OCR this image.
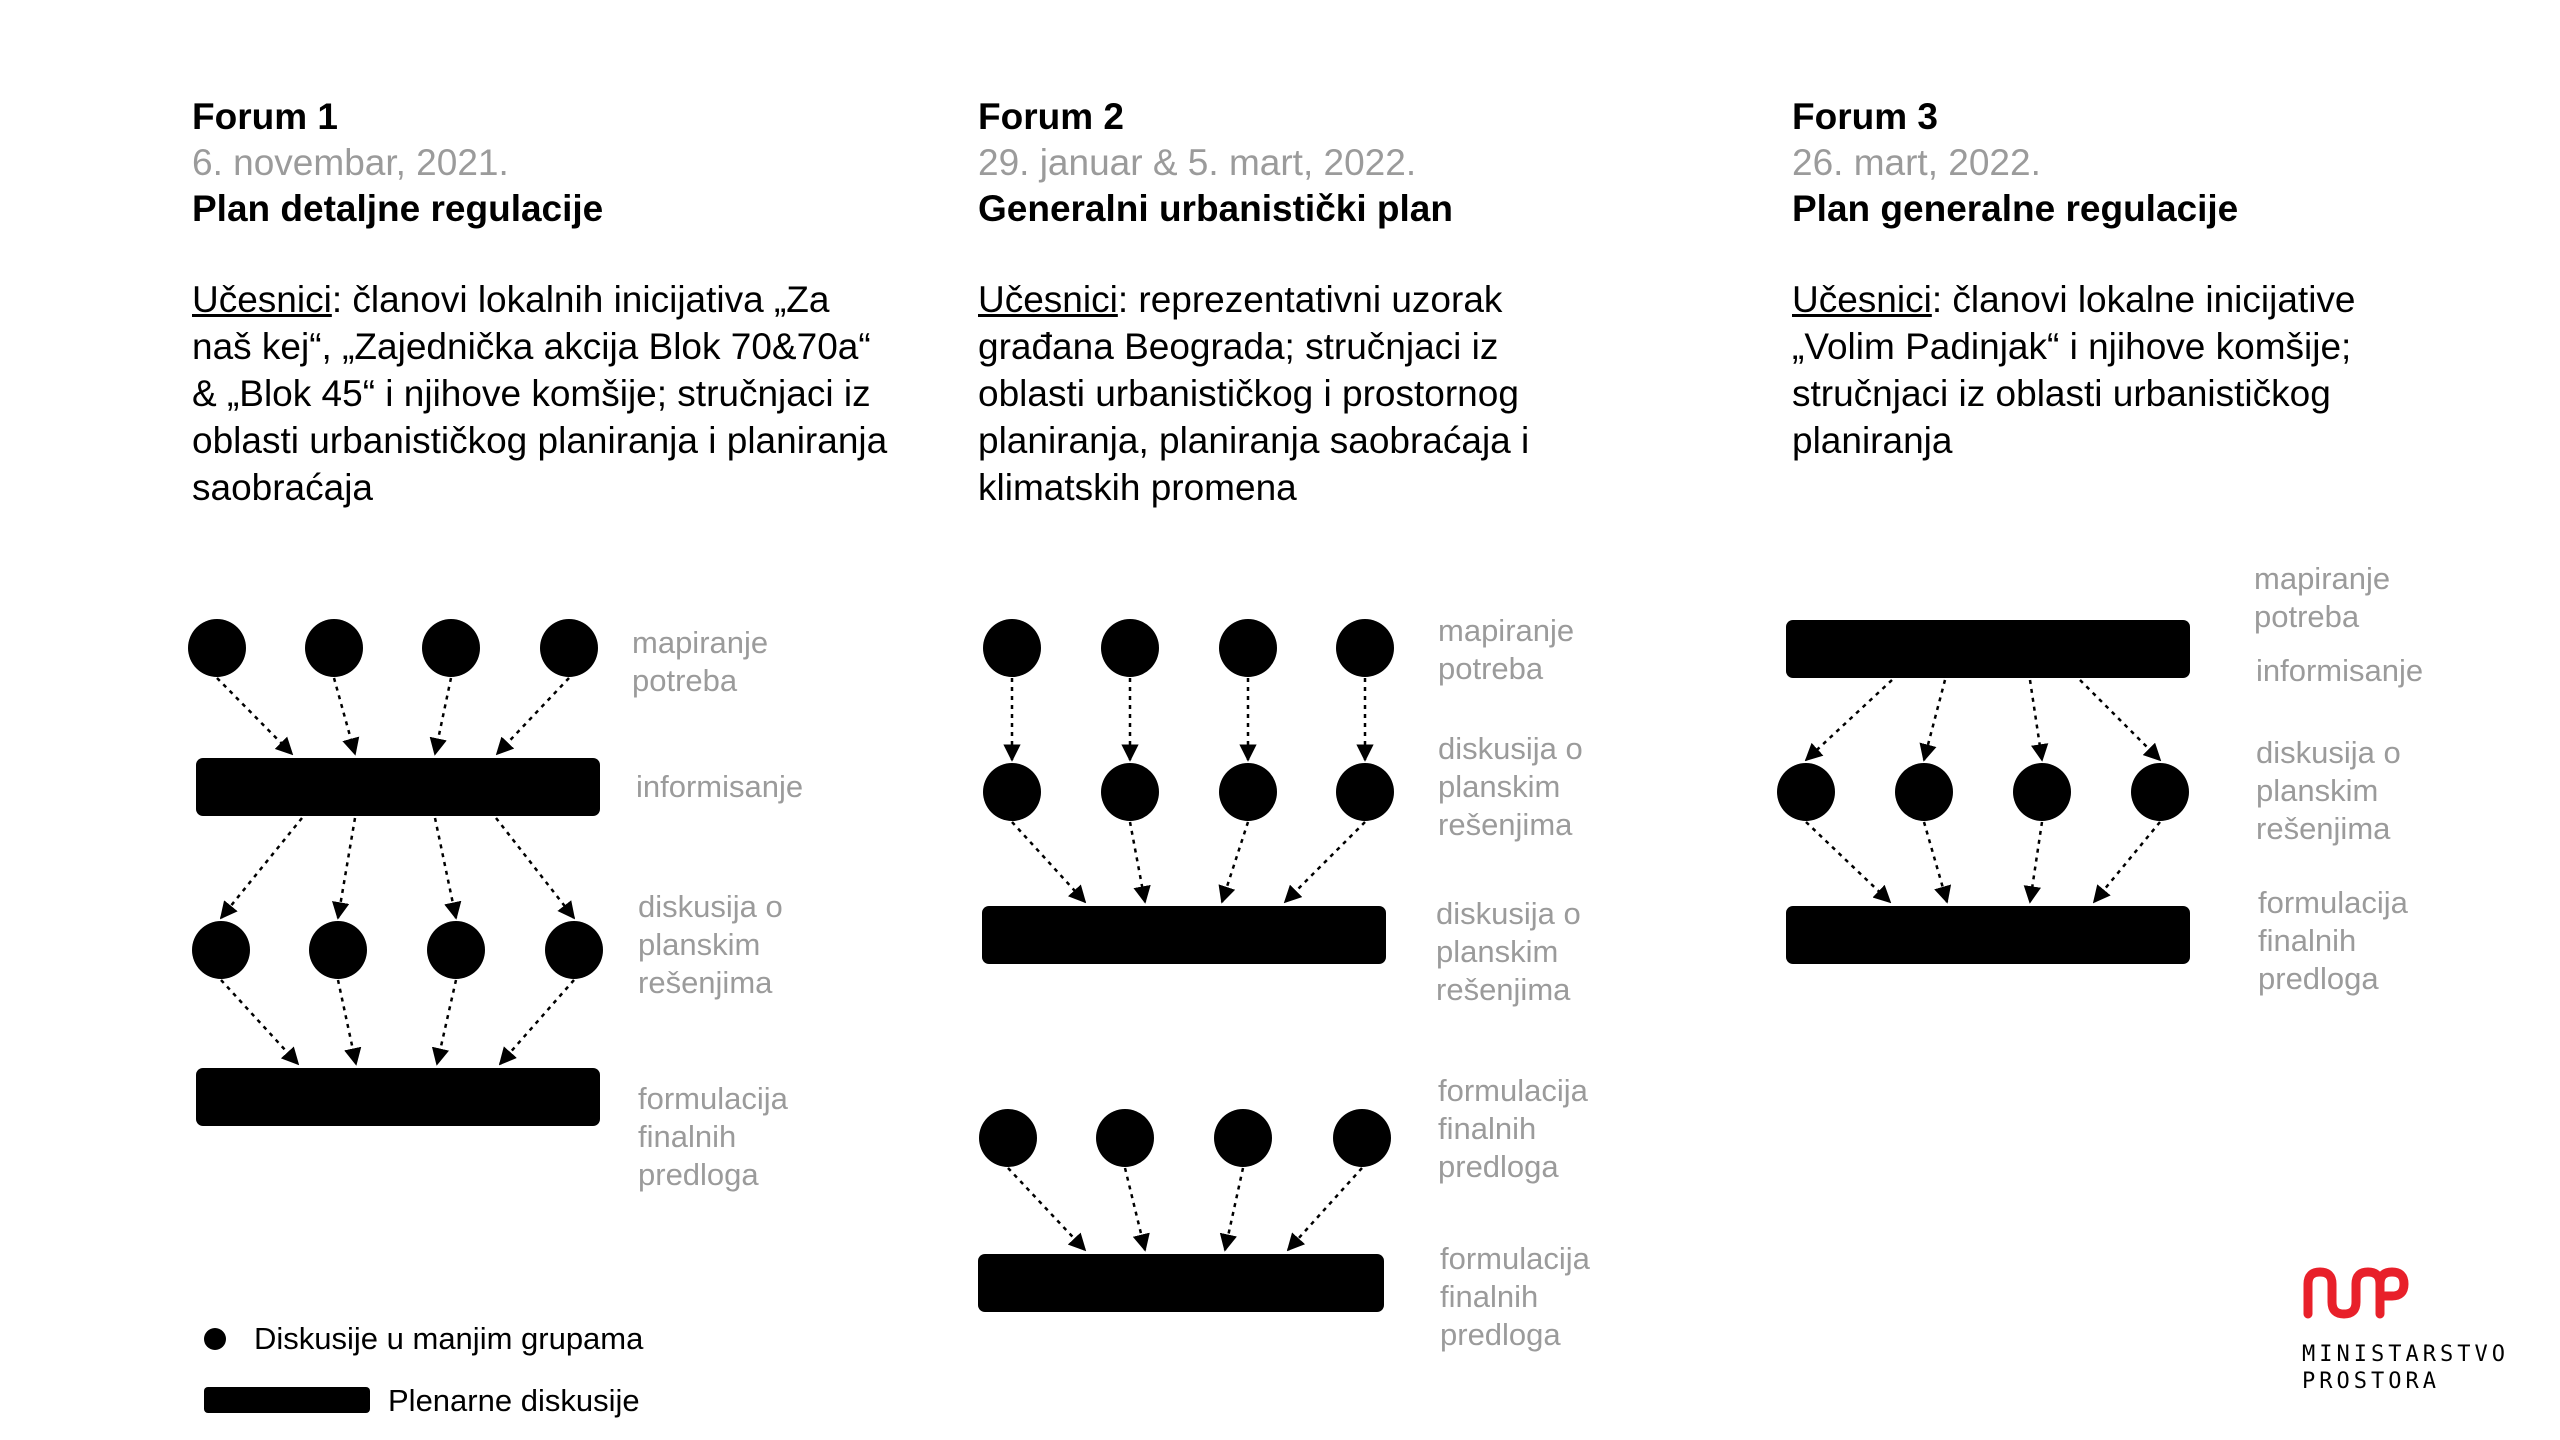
Forum 1
6. novembar, 2021.
Plan detaljne regulacije
Učesnici: članovi lokalnih inicijativa „Za naš kej“, „Zajednička akcija Blok 70&70a“ & „Blok 45“ i njihove komšije; stručnjaci iz oblasti urbanističkog planiranja i planiranja saobraćaja
Forum 2
29. januar & 5. mart, 2022.
Generalni urbanistički plan
Učesnici: reprezentativni uzorak građana Beograda; stručnjaci iz oblasti urbanističkog i prostornog planiranja, planiranja saobraćaja i klimatskih promena
Forum 3
26. mart, 2022.
Plan generalne regulacije
Učesnici: članovi lokalne inicijative „Volim Padinjak“ i njihove komšije; stručnjaci iz oblasti urbanističkog planiranja
mapiranje
potreba
informisanje
diskusija o
planskim
rešenjima
formulacija
finalnih
predloga
mapiranje
potreba
diskusija o
planskim
rešenjima
diskusija o
planskim
rešenjima
formulacija
finalnih
predloga
formulacija
finalnih
predloga
mapiranje
potreba
informisanje
diskusija o
planskim
rešenjima
formulacija
finalnih
predloga
Diskusije u manjim grupama
Plenarne diskusije
MINISTARSTVO
PROSTORA
